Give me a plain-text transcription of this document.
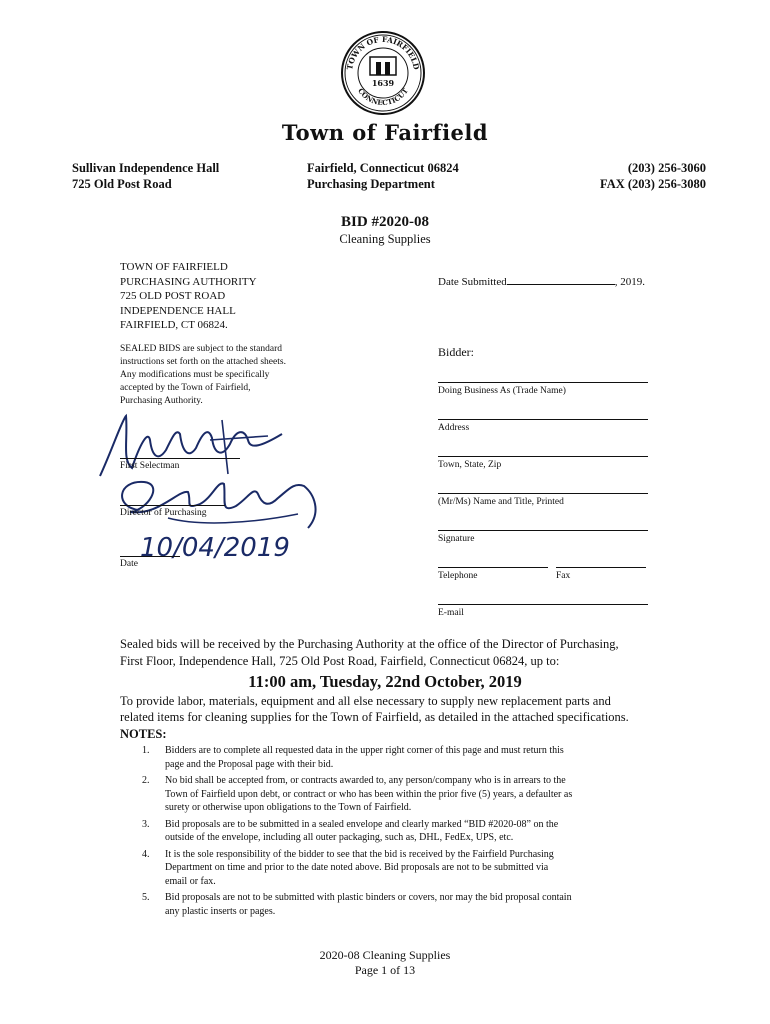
TOWN OF FAIRFIELD
CONNECTICUT
1639
Town of Fairfield
Sullivan Independence Hall
725 Old Post Road
Fairfield, Connecticut 06824
Purchasing Department
(203) 256-3060
FAX (203) 256-3080
BID #2020-08
Cleaning Supplies
TOWN OF FAIRFIELD
PURCHASING AUTHORITY
725 OLD POST ROAD
INDEPENDENCE HALL
FAIRFIELD, CT 06824.
SEALED BIDS are subject to the standard
instructions set forth on the attached sheets.
Any modifications must be specifically
accepted by the Town of Fairfield,
Purchasing Authority.
First Selectman
Director of Purchasing
10/04/2019
Date
Date Submitted	, 2019.
Bidder:
Doing Business As (Trade Name)
Address
Town, State, Zip
(Mr/Ms) Name and Title, Printed
Signature
Telephone	Fax
E-mail
Sealed bids will be received by the Purchasing Authority at the office of the Director of Purchasing,
First Floor, Independence Hall, 725 Old Post Road, Fairfield, Connecticut 06824, up to:
11:00 am, Tuesday, 22nd October, 2019
To provide labor, materials, equipment and all else necessary to supply new replacement parts and
related items for cleaning supplies for the Town of Fairfield, as detailed in the attached specifications.
NOTES:
1. Bidders are to complete all requested data in the upper right corner of this page and must return this
page and the Proposal page with their bid.
2. No bid shall be accepted from, or contracts awarded to, any person/company who is in arrears to the
Town of Fairfield upon debt, or contract or who has been within the prior five (5) years, a defaulter as
surety or otherwise upon obligations to the Town of Fairfield.
3. Bid proposals are to be submitted in a sealed envelope and clearly marked “BID #2020-08” on the
outside of the envelope, including all outer packaging, such as, DHL, FedEx, UPS, etc.
4. It is the sole responsibility of the bidder to see that the bid is received by the Fairfield Purchasing
Department on time and prior to the date noted above. Bid proposals are not to be submitted via
email or fax.
5. Bid proposals are not to be submitted with plastic binders or covers, nor may the bid proposal contain
any plastic inserts or pages.
2020-08 Cleaning Supplies
Page 1 of 13
